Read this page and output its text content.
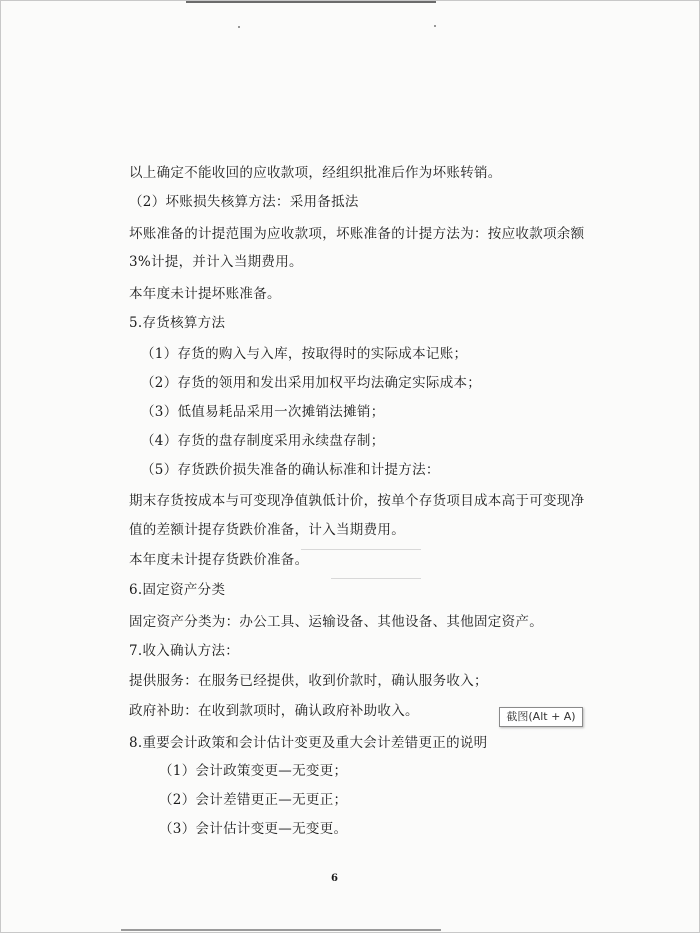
以上确定不能收回的应收款项，经组织批准后作为坏账转销。
（2）坏账损失核算方法：采用备抵法
坏账准备的计提范围为应收款项，坏账准备的计提方法为：按应收款项余额
3%计提，并计入当期费用。
本年度未计提坏账准备。
5.存货核算方法
（1）存货的购入与入库，按取得时的实际成本记账；
（2）存货的领用和发出采用加权平均法确定实际成本；
（3）低值易耗品采用一次摊销法摊销；
（4）存货的盘存制度采用永续盘存制；
（5）存货跌价损失准备的确认标准和计提方法：
期末存货按成本与可变现净值孰低计价，按单个存货项目成本高于可变现净
值的差额计提存货跌价准备，计入当期费用。
本年度未计提存货跌价准备。
6.固定资产分类
固定资产分类为：办公工具、运输设备、其他设备、其他固定资产。
7.收入确认方法：
提供服务：在服务已经提供，收到价款时，确认服务收入；
政府补助：在收到款项时，确认政府补助收入。
8.重要会计政策和会计估计变更及重大会计差错更正的说明
（1）会计政策变更—无变更；
（2）会计差错更正—无更正；
（3）会计估计变更—无变更。
6
截图(Alt + A)
